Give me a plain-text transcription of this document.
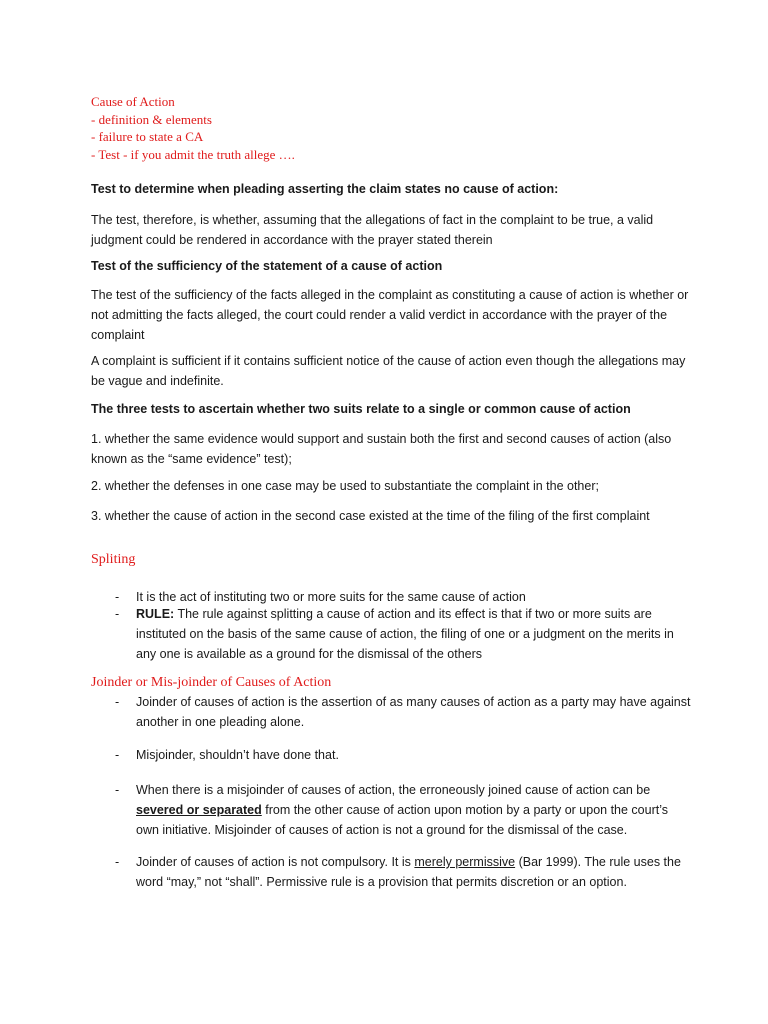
Cause of Action
- definition & elements
- failure to state a CA
- Test - if you admit the truth allege ….
Test to determine when pleading asserting the claim states no cause of action:
The test, therefore, is whether, assuming that the allegations of fact in the complaint to be true, a valid judgment could be rendered in accordance with the prayer stated therein
Test of the sufficiency of the statement of a cause of action
The test of the sufficiency of the facts alleged in the complaint as constituting a cause of action is whether or not admitting the facts alleged, the court could render a valid verdict in accordance with the prayer of the complaint
A complaint is sufficient if it contains sufficient notice of the cause of action even though the allegations may be vague and indefinite.
The three tests to ascertain whether two suits relate to a single or common cause of action
1. whether the same evidence would support and sustain both the first and second causes of action (also known as the “same evidence” test);
2. whether the defenses in one case may be used to substantiate the complaint in the other;
3. whether the cause of action in the second case existed at the time of the filing of the first complaint
Spliting
- It is the act of instituting two or more suits for the same cause of action
- RULE: The rule against splitting a cause of action and its effect is that if two or more suits are instituted on the basis of the same cause of action, the filing of one or a judgment on the merits in any one is available as a ground for the dismissal of the others
Joinder or Mis-joinder of Causes of Action
- Joinder of causes of action is the assertion of as many causes of action as a party may have against another in one pleading alone.
- Misjoinder, shouldn’t have done that.
- When there is a misjoinder of causes of action, the erroneously joined cause of action can be severed or separated from the other cause of action upon motion by a party or upon the court’s own initiative. Misjoinder of causes of action is not a ground for the dismissal of the case.
- Joinder of causes of action is not compulsory. It is merely permissive (Bar 1999). The rule uses the word “may,” not “shall”. Permissive rule is a provision that permits discretion or an option.
